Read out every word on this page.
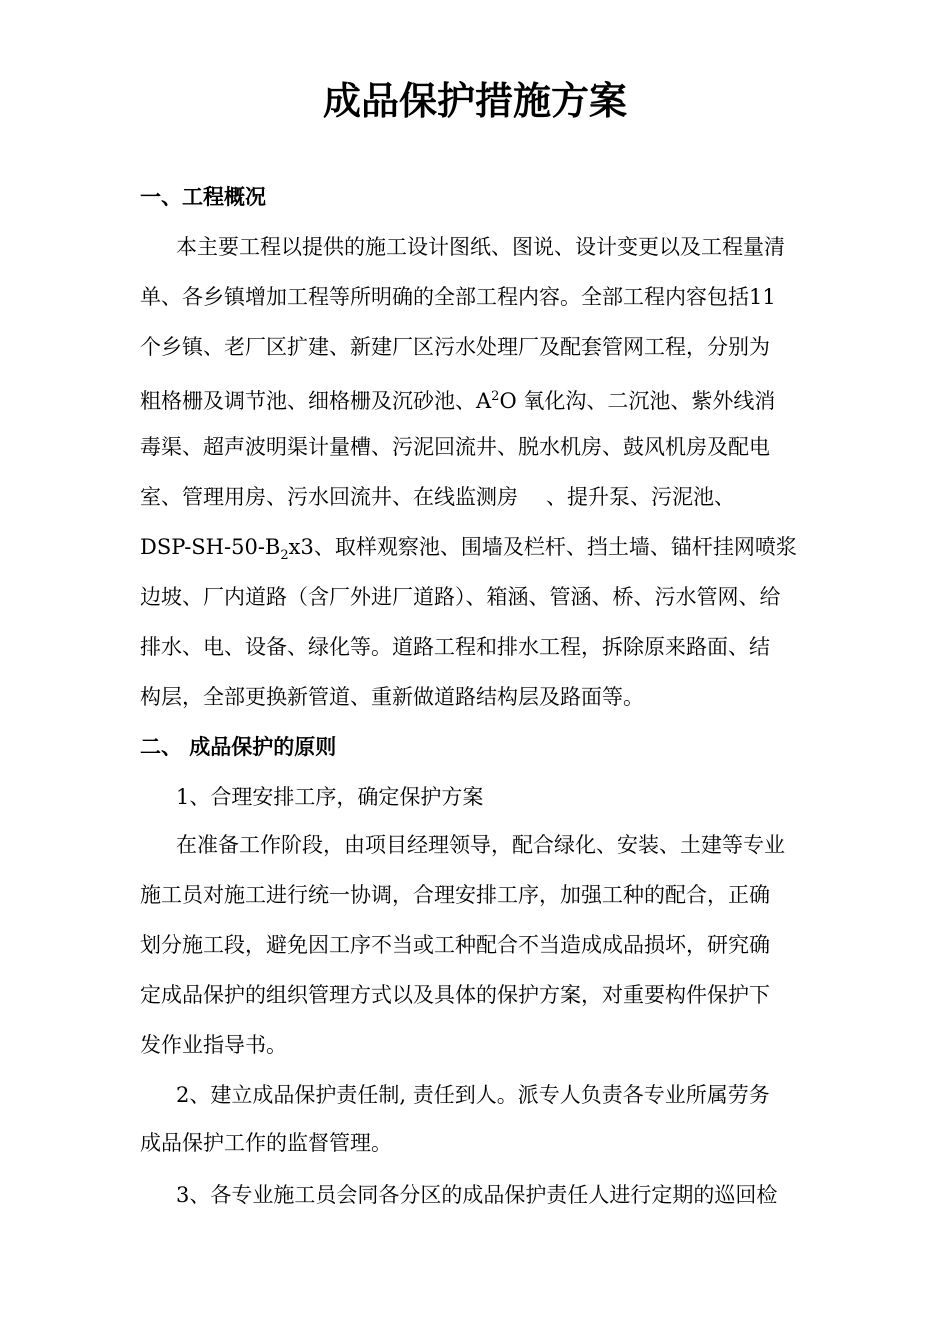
成品保护措施方案
一、工程概况
本主要工程以提供的施工设计图纸、图说、设计变更以及工程量清
单、各乡镇增加工程等所明确的全部工程内容。全部工程内容包括11
个乡镇、老厂区扩建、新建厂区污水处理厂及配套管网工程，分别为
粗格栅及调节池、细格栅及沉砂池、$A^2O$ 氧化沟、二沉池、紫外线消
毒渠、超声波明渠计量槽、污泥回流井、脱水机房、鼓风机房及配电
室、管理用房、污水回流井、在线监测房 、提升泵、污泥池、
DSP-$SH-50-B_2x3$、取样观察池、围墙及栏杆、挡土墙、锚杆挂网喷浆
边坡、厂内道路（含厂外进厂道路）、箱涵、管涵、桥、污水管网、给
排水、电、设备、绿化等。道路工程和排水工程，拆除原来路面、结
构层，全部更换新管道、重新做道路结构层及路面等。
二、 成品保护的原则
1、合理安排工序，确定保护方案
在准备工作阶段，由项目经理领导，配合绿化、安装、土建等专业
施工员对施工进行统一协调，合理安排工序，加强工种的配合，正确
划分施工段，避免因工序不当或工种配合不当造成成品损坏，研究确
定成品保护的组织管理方式以及具体的保护方案，对重要构件保护下
发作业指导书。
2、建立成品保护责任制, 责任到人。派专人负责各专业所属劳务
成品保护工作的监督管理。
3、各专业施工员会同各分区的成品保护责任人进行定期的巡回检
